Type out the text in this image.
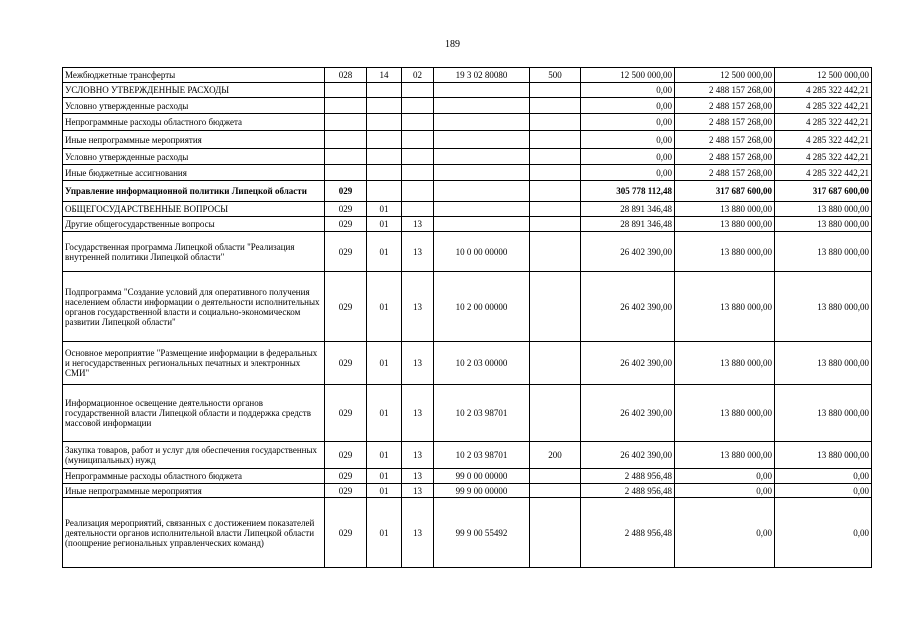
189
Межбюджетные трансферты	028	14	02	19 3 02 80080	500	12 500 000,00	12 500 000,00	12 500 000,00
УСЛОВНО УТВЕРЖДЕННЫЕ РАСХОДЫ						0,00	2 488 157 268,00	4 285 322 442,21
Условно утвержденные расходы						0,00	2 488 157 268,00	4 285 322 442,21
Непрограммные расходы областного бюджета						0,00	2 488 157 268,00	4 285 322 442,21
Иные непрограммные мероприятия						0,00	2 488 157 268,00	4 285 322 442,21
Условно утвержденные расходы						0,00	2 488 157 268,00	4 285 322 442,21
Иные бюджетные ассигнования						0,00	2 488 157 268,00	4 285 322 442,21
Управление информационной политики Липецкой области	029					305 778 112,48	317 687 600,00	317 687 600,00
ОБЩЕГОСУДАРСТВЕННЫЕ ВОПРОСЫ	029	01				28 891 346,48	13 880 000,00	13 880 000,00
Другие общегосударственные вопросы	029	01	13			28 891 346,48	13 880 000,00	13 880 000,00
Государственная программа Липецкой области "Реализация внутренней политики Липецкой области"	029	01	13	10 0 00 00000		26 402 390,00	13 880 000,00	13 880 000,00
Подпрограмма "Создание условий для оперативного получения населением области информации о деятельности исполнительных органов государственной власти и социально-экономическом развитии Липецкой области"	029	01	13	10 2 00 00000		26 402 390,00	13 880 000,00	13 880 000,00
Основное мероприятие "Размещение информации в федеральных и негосударственных региональных печатных и электронных СМИ"	029	01	13	10 2 03 00000		26 402 390,00	13 880 000,00	13 880 000,00
Информационное освещение деятельности органов государственной власти Липецкой области и поддержка средств массовой информации	029	01	13	10 2 03 98701		26 402 390,00	13 880 000,00	13 880 000,00
Закупка товаров, работ и услуг для обеспечения государственных (муниципальных) нужд	029	01	13	10 2 03 98701	200	26 402 390,00	13 880 000,00	13 880 000,00
Непрограммные расходы областного бюджета	029	01	13	99 0 00 00000		2 488 956,48	0,00	0,00
Иные непрограммные мероприятия	029	01	13	99 9 00 00000		2 488 956,48	0,00	0,00
Реализация мероприятий, связанных с достижением показателей деятельности органов исполнительной власти Липецкой области (поощрение региональных управленческих команд)	029	01	13	99 9 00 55492		2 488 956,48	0,00	0,00
